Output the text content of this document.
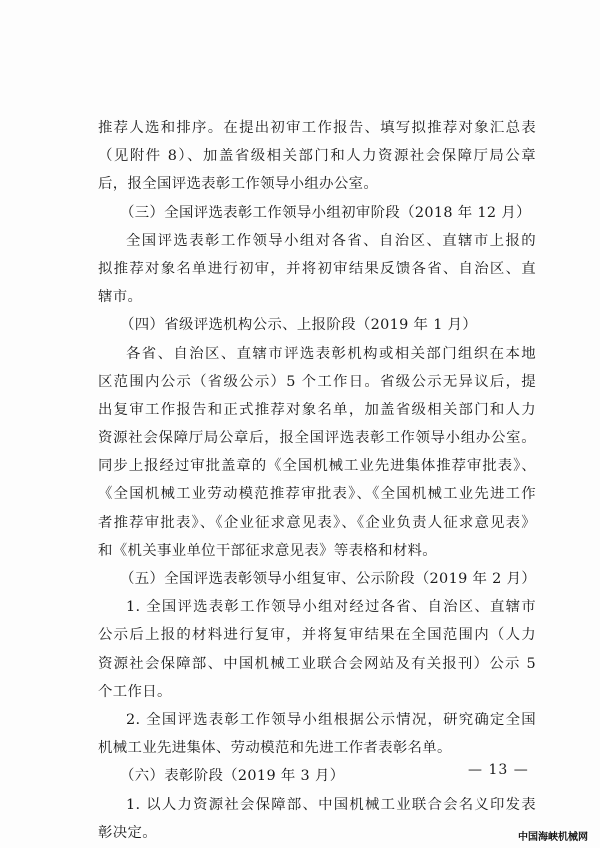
推荐人选和排序。在提出初审工作报告、填写拟推荐对象汇总表
（见附件 8）、加盖省级相关部门和人力资源社会保障厅局公章
后，报全国评选表彰工作领导小组办公室。
（三）全国评选表彰工作领导小组初审阶段（2018 年 12 月）
全国评选表彰工作领导小组对各省、自治区、直辖市上报的
拟推荐对象名单进行初审，并将初审结果反馈各省、自治区、直
辖市。
（四）省级评选机构公示、上报阶段（2019 年 1 月）
各省、自治区、直辖市评选表彰机构或相关部门组织在本地
区范围内公示（省级公示）5 个工作日。省级公示无异议后，提
出复审工作报告和正式推荐对象名单，加盖省级相关部门和人力
资源社会保障厅局公章后，报全国评选表彰工作领导小组办公室。
同步上报经过审批盖章的《全国机械工业先进集体推荐审批表》、
《全国机械工业劳动模范推荐审批表》、《全国机械工业先进工作
者推荐审批表》、《企业征求意见表》、《企业负责人征求意见表》
和《机关事业单位干部征求意见表》等表格和材料。
（五）全国评选表彰领导小组复审、公示阶段（2019 年 2 月）
1. 全国评选表彰工作领导小组对经过各省、自治区、直辖市
公示后上报的材料进行复审，并将复审结果在全国范围内（人力
资源社会保障部、中国机械工业联合会网站及有关报刊）公示 5
个工作日。
2. 全国评选表彰工作领导小组根据公示情况，研究确定全国
机械工业先进集体、劳动模范和先进工作者表彰名单。
（六）表彰阶段（2019 年 3 月）
1. 以人力资源社会保障部、中国机械工业联合会名义印发表
彰决定。
— 13 —
中国海峡机械网
